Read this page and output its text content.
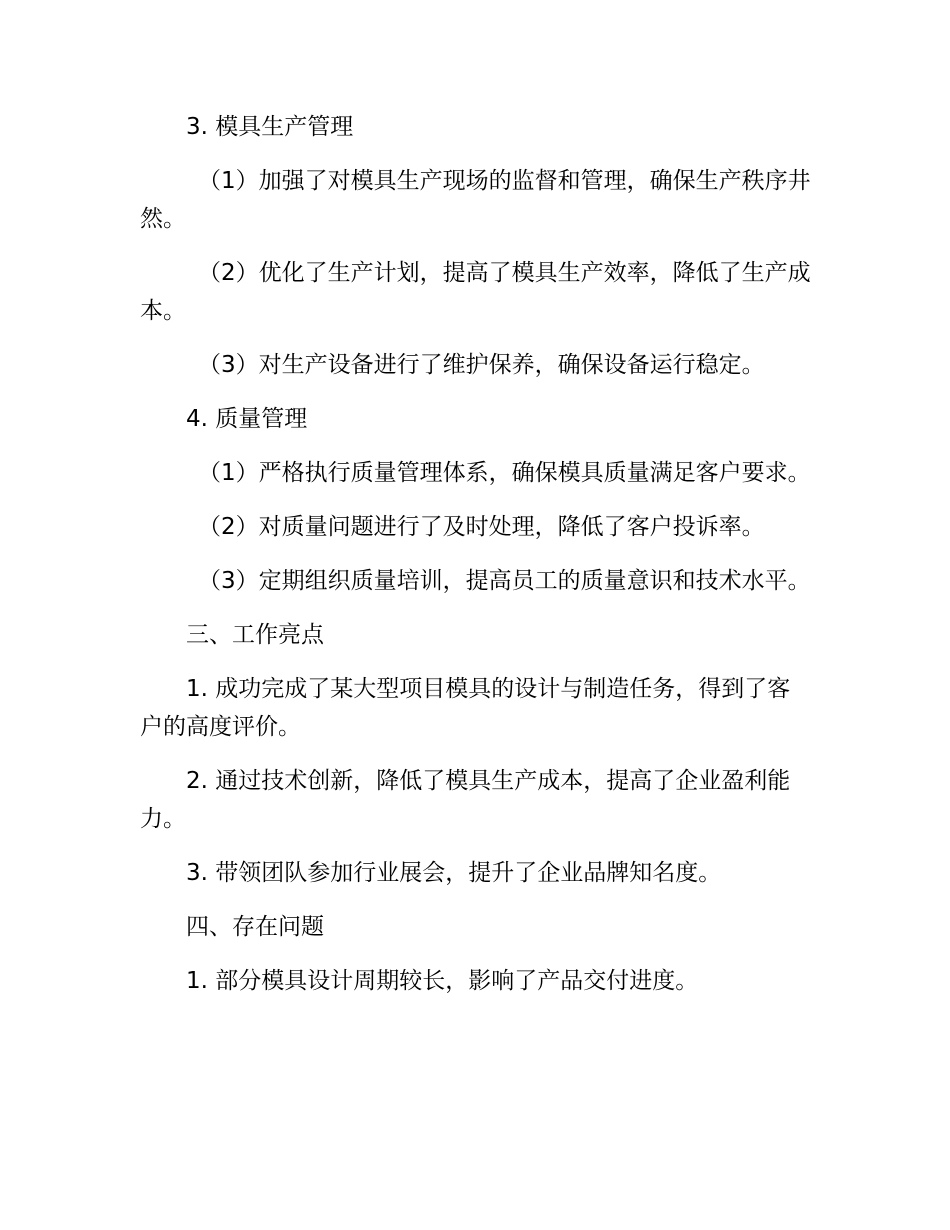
3. 模具生产管理

（1）加强了对模具生产现场的监督和管理，确保生产秩序井然。

（2）优化了生产计划，提高了模具生产效率，降低了生产成本。

（3）对生产设备进行了维护保养，确保设备运行稳定。

4. 质量管理

（1）严格执行质量管理体系，确保模具质量满足客户要求。

（2）对质量问题进行了及时处理，降低了客户投诉率。

（3）定期组织质量培训，提高员工的质量意识和技术水平。

三、工作亮点

1. 成功完成了某大型项目模具的设计与制造任务，得到了客户的高度评价。

2. 通过技术创新，降低了模具生产成本，提高了企业盈利能力。

3. 带领团队参加行业展会，提升了企业品牌知名度。

四、存在问题

1. 部分模具设计周期较长，影响了产品交付进度。
